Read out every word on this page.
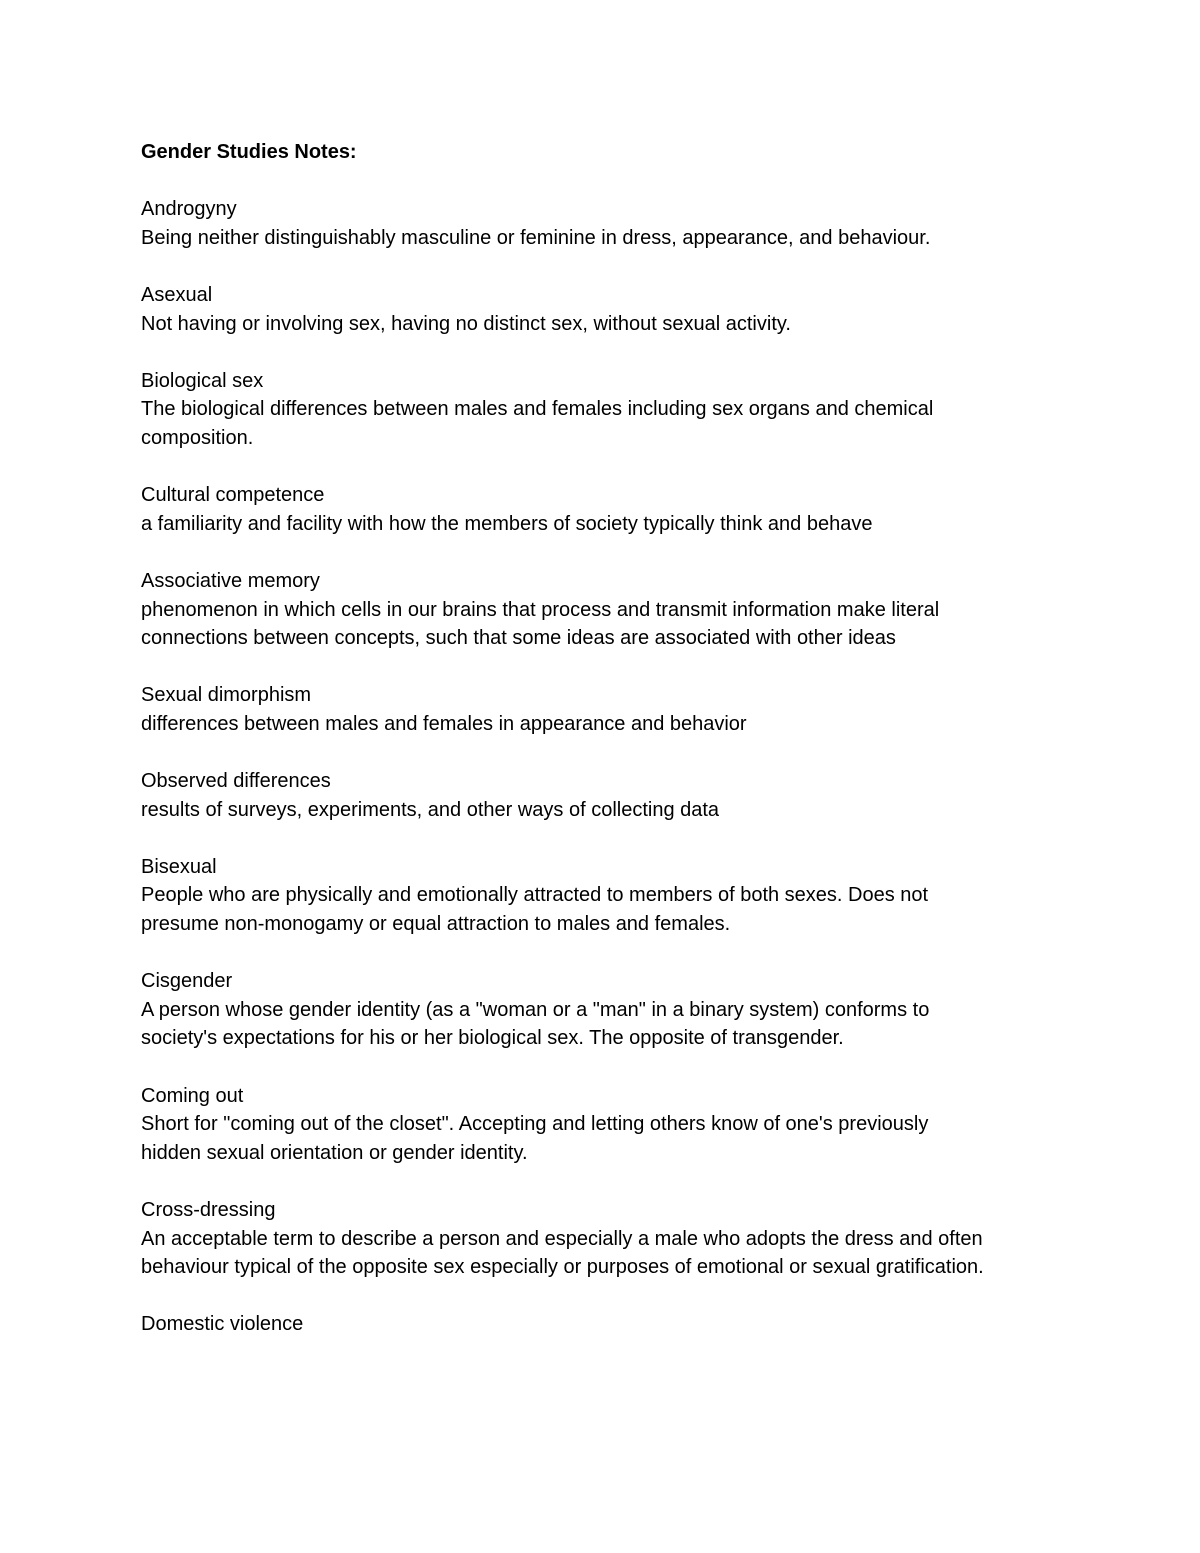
Gender Studies Notes:
Androgyny
Being neither distinguishably masculine or feminine in dress, appearance, and behaviour.
Asexual
Not having or involving sex, having no distinct sex, without sexual activity.
Biological sex
The biological differences between males and females including sex organs and chemical
composition.
Cultural competence
a familiarity and facility with how the members of society typically think and behave
Associative memory
phenomenon in which cells in our brains that process and transmit information make literal
connections between concepts, such that some ideas are associated with other ideas
Sexual dimorphism
differences between males and females in appearance and behavior
Observed differences
results of surveys, experiments, and other ways of collecting data
Bisexual
People who are physically and emotionally attracted to members of both sexes. Does not
presume non-monogamy or equal attraction to males and females.
Cisgender
A person whose gender identity (as a "woman or a "man" in a binary system) conforms to
society's expectations for his or her biological sex. The opposite of transgender.
Coming out
Short for "coming out of the closet". Accepting and letting others know of one's previously
hidden sexual orientation or gender identity.
Cross-dressing
An acceptable term to describe a person and especially a male who adopts the dress and often
behaviour typical of the opposite sex especially or purposes of emotional or sexual gratification.
Domestic violence
